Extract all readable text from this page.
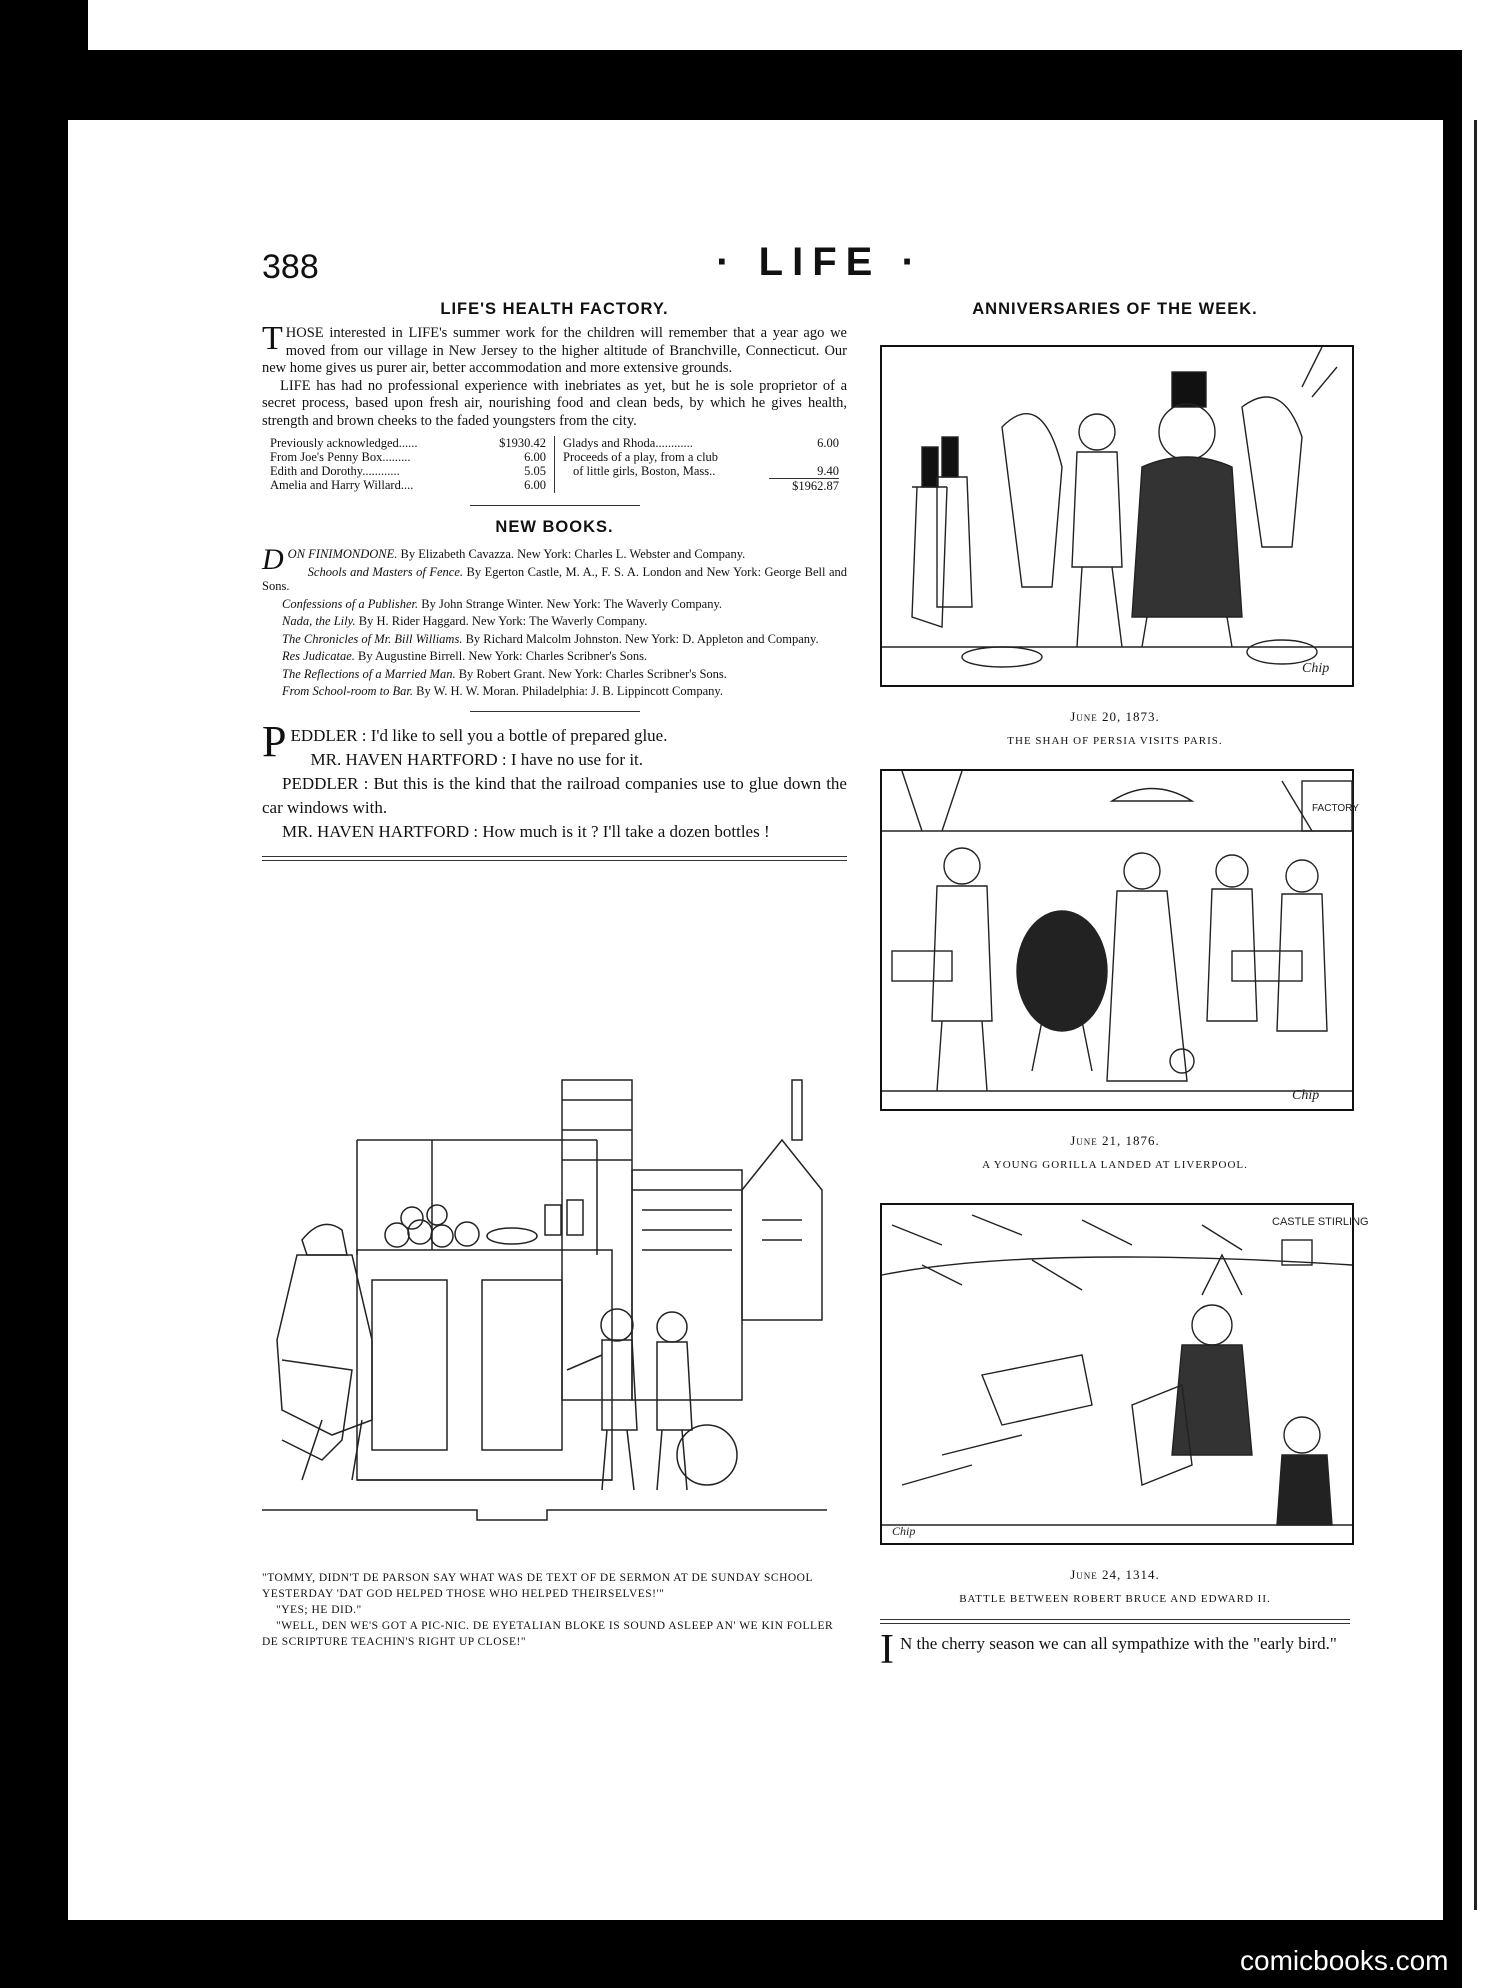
388	· LIFE ·
LIFE'S HEALTH FACTORY.

THOSE interested in LIFE's summer work for the children will remember that a year ago we moved from our village in New Jersey to the higher altitude of Branchville, Connecticut. Our new home gives us purer air, better accommodation and more extensive grounds.

LIFE has had no professional experience with inebriates as yet, but he is sole proprietor of a secret process, based upon fresh air, nourishing food and clean beds, by which he gives health, strength and brown cheeks to the faded youngsters from the city.

Previously acknowledged......	$1930.42
From Joe's Penny Box.........	6.00
Edith and Dorothy............	5.05
Amelia and Harry Willard....	6.00
Gladys and Rhoda............	6.00
Proceeds of a play, from a club
of little girls, Boston, Mass..	9.40
$1962.87
NEW BOOKS.

DON FINIMONDONE. By Elizabeth Cavazza. New York: Charles L. Webster and Company.

Schools and Masters of Fence. By Egerton Castle, M. A., F. S. A. London and New York: George Bell and Sons.

Confessions of a Publisher. By John Strange Winter. New York: The Waverly Company.

Nada, the Lily. By H. Rider Haggard. New York: The Waverly Company.

The Chronicles of Mr. Bill Williams. By Richard Malcolm Johnston. New York: D. Appleton and Company.

Res Judicatae. By Augustine Birrell. New York: Charles Scribner's Sons.

The Reflections of a Married Man. By Robert Grant. New York: Charles Scribner's Sons.

From School-room to Bar. By W. H. W. Moran. Philadelphia: J. B. Lippincott Company.

PEDDLER : I'd like to sell you a bottle of prepared glue.

MR. HAVEN HARTFORD : I have no use for it.

PEDDLER : But this is the kind that the railroad companies use to glue down the car windows with.

MR. HAVEN HARTFORD : How much is it ? I'll take a dozen bottles !

"TOMMY, DIDN'T DE PARSON SAY WHAT WAS DE TEXT OF DE SERMON AT DE SUNDAY SCHOOL YESTERDAY 'DAT GOD HELPED THOSE WHO HELPED THEIRSELVES!'"

"YES; HE DID."

"WELL, DEN WE'S GOT A PIC-NIC. DE EYETALIAN BLOKE IS SOUND ASLEEP AN' WE KIN FOLLER DE SCRIPTURE TEACHIN'S RIGHT UP CLOSE!"

ANNIVERSARIES OF THE WEEK.
Chip
June 20, 1873.
THE SHAH OF PERSIA VISITS PARIS.
FACTORY
Chip
June 21, 1876.
A YOUNG GORILLA LANDED AT LIVERPOOL.
CASTLE STIRLING
Chip
June 24, 1314.
BATTLE BETWEEN ROBERT BRUCE AND EDWARD II.

I N the cherry season we can all sympathize with the "early bird."

comicbooks.com
